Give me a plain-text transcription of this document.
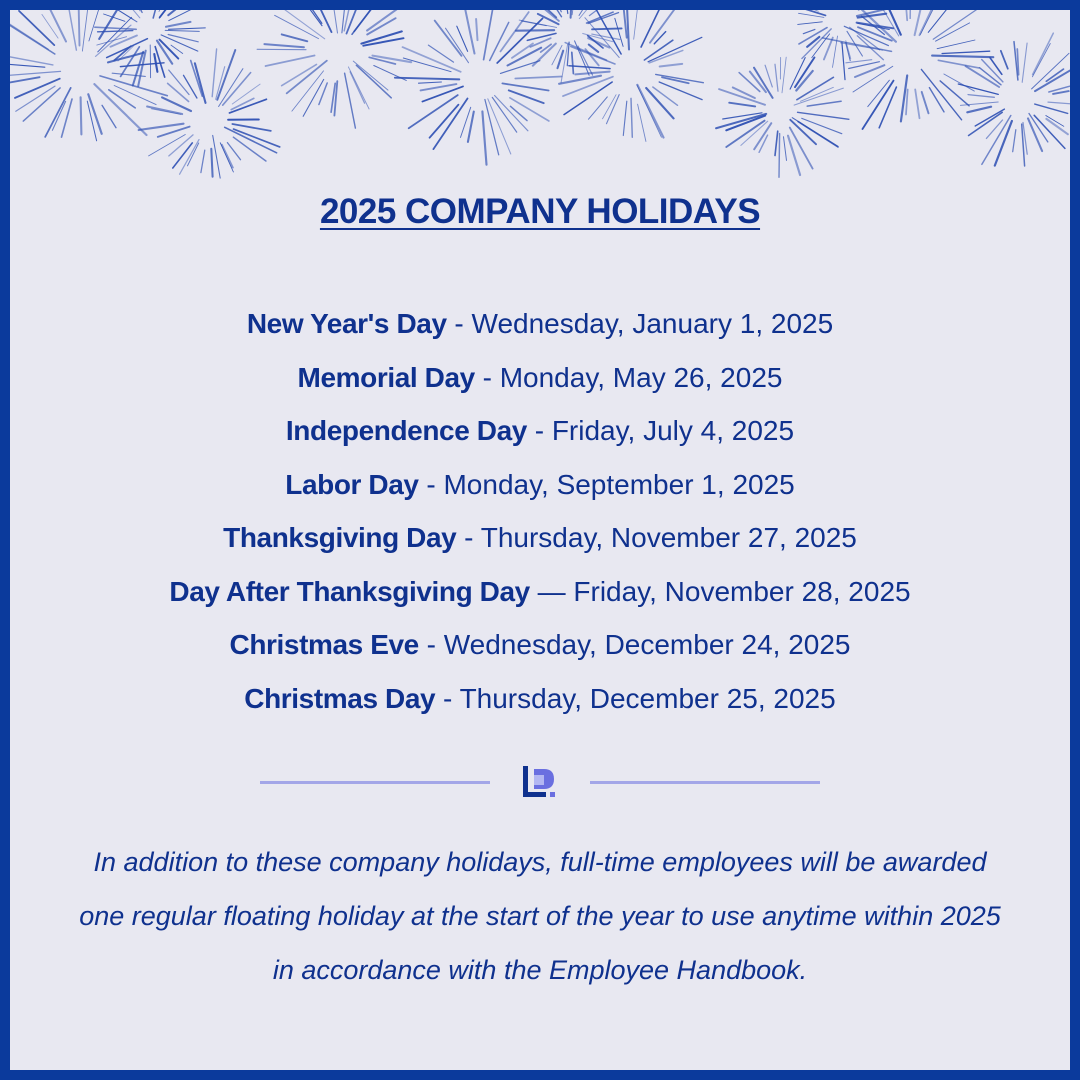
2025 COMPANY HOLIDAYS
New Year's Day - Wednesday, January 1, 2025
Memorial Day - Monday, May 26, 2025
Independence Day - Friday, July 4, 2025
Labor Day - Monday, September 1, 2025
Thanksgiving Day - Thursday, November 27, 2025
Day After Thanksgiving Day — Friday, November 28, 2025
Christmas Eve - Wednesday, December 24, 2025
Christmas Day - Thursday, December 25, 2025
In addition to these company holidays, full-time employees will be awarded one regular floating holiday at the start of the year to use anytime within 2025 in accordance with the Employee Handbook.
